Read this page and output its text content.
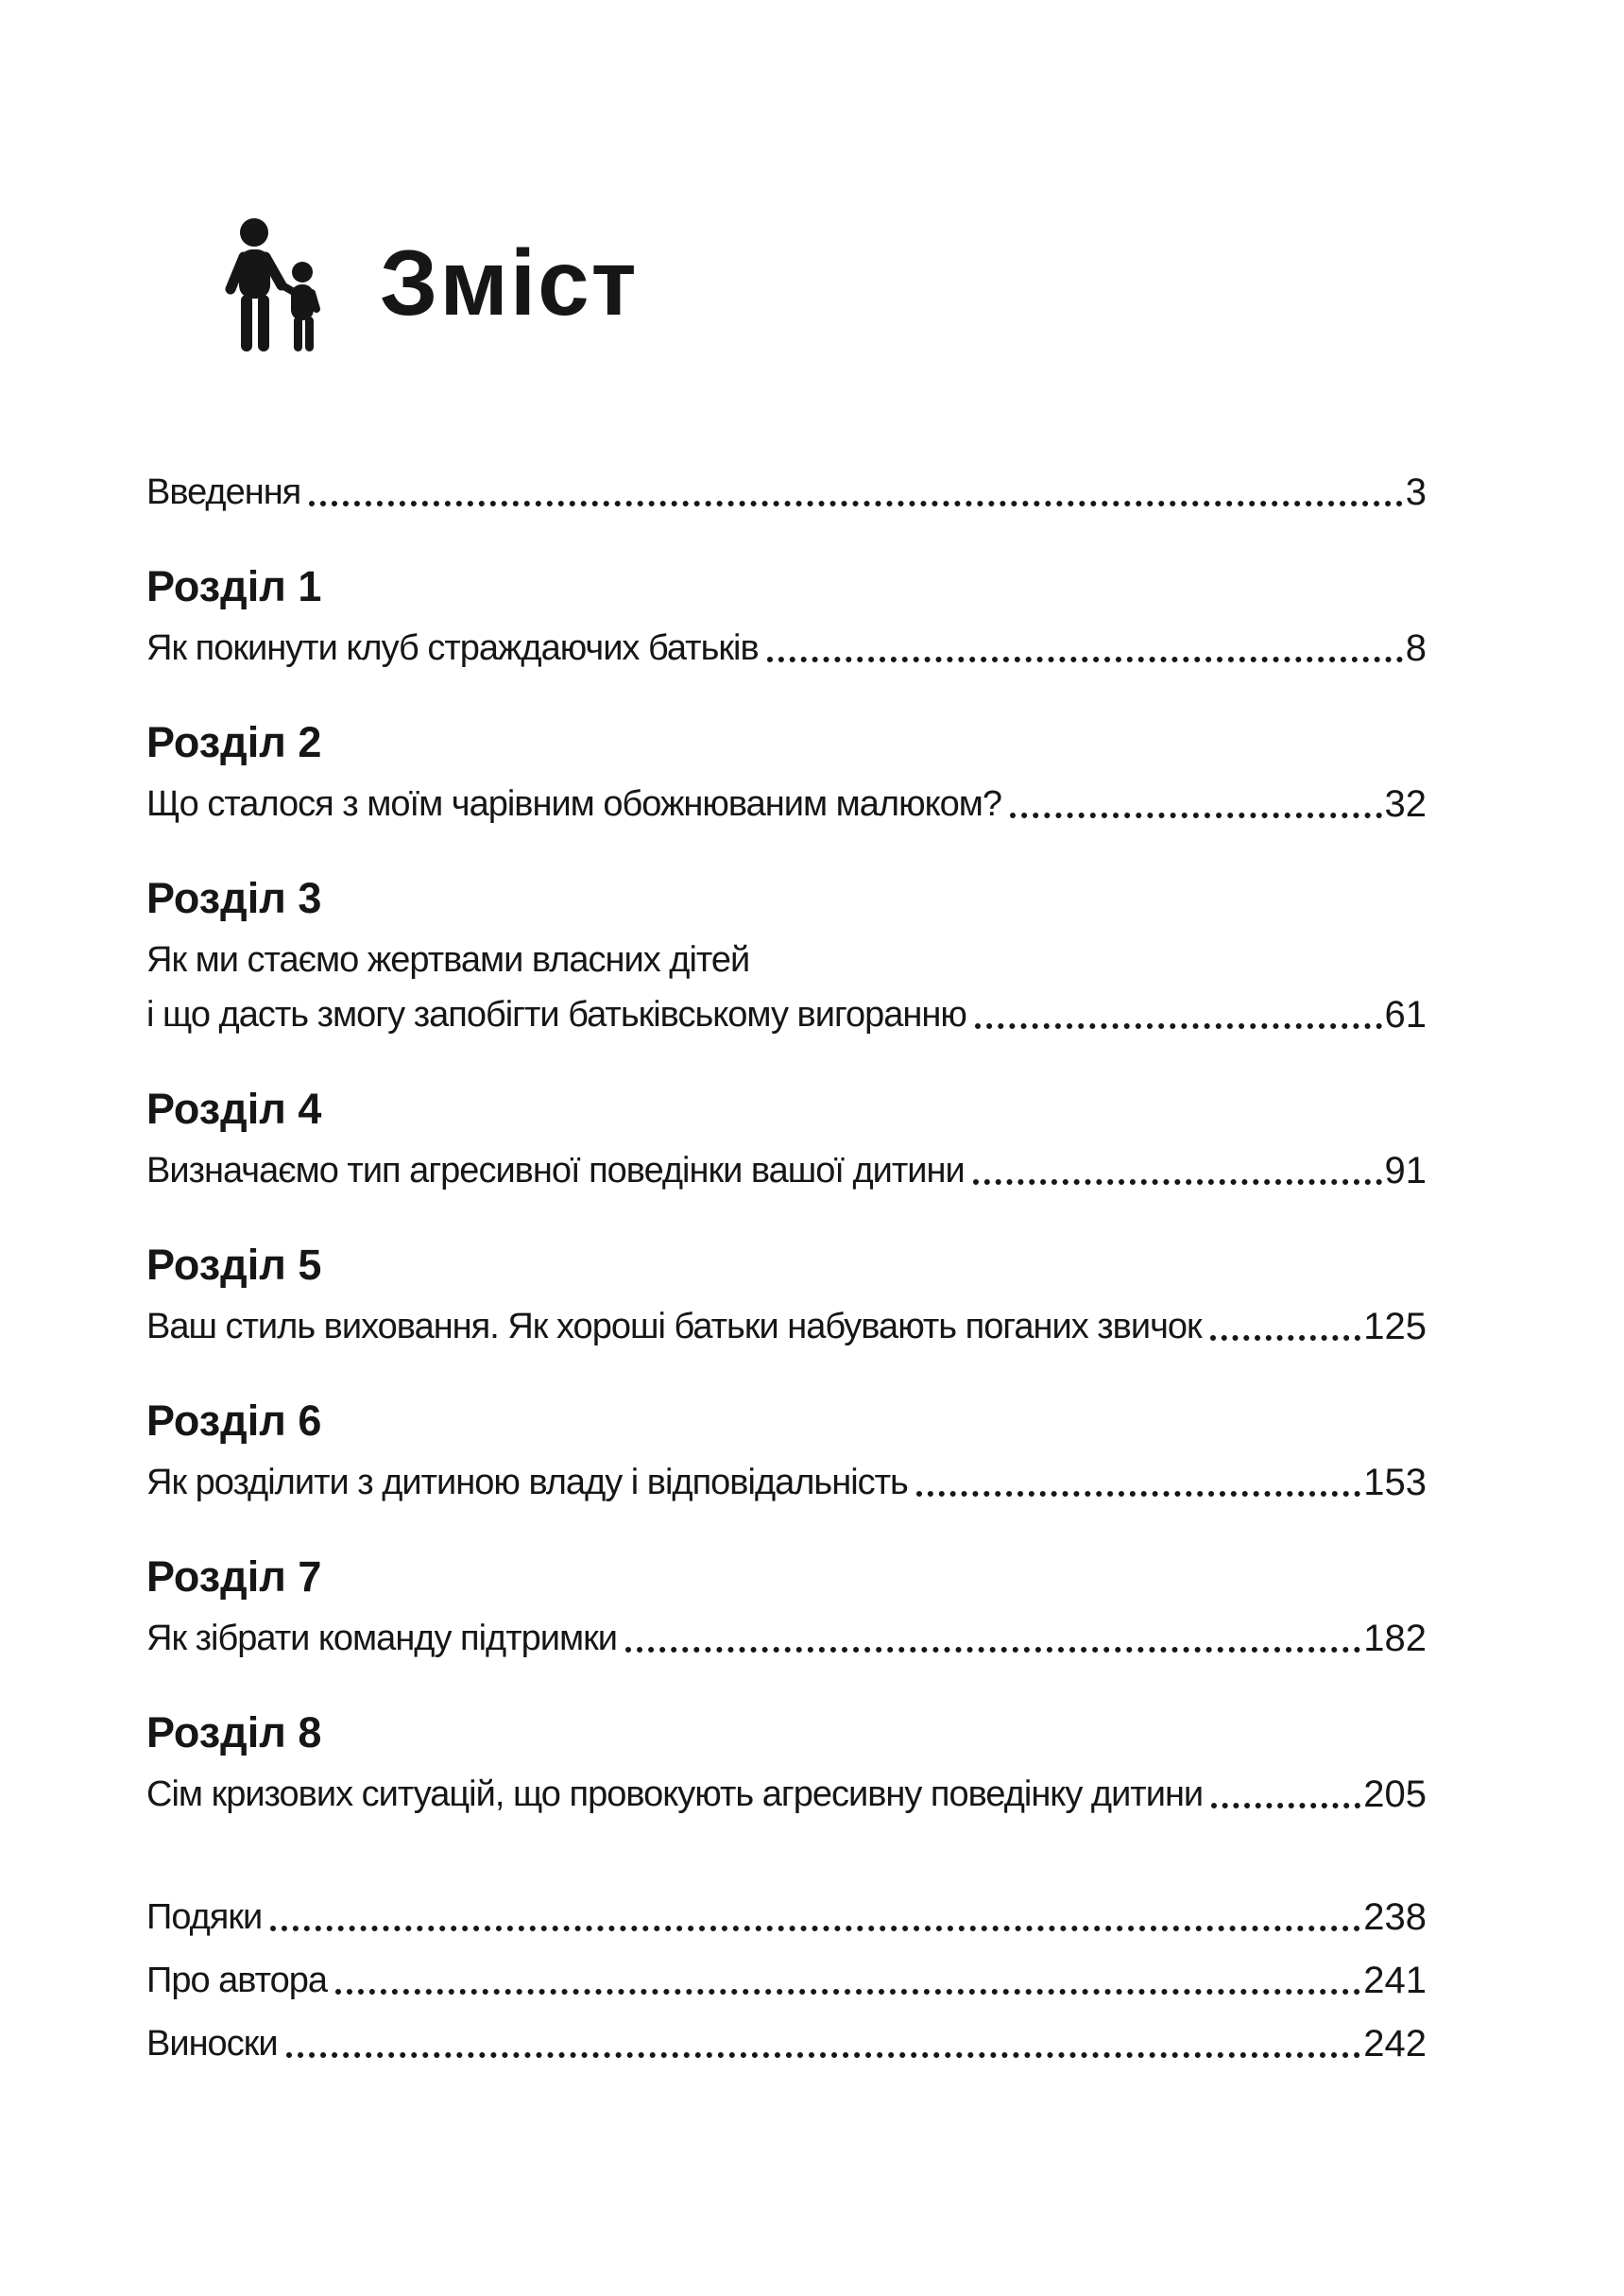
Зміст
Введення	3
Розділ 1
Як покинути клуб страждаючих батьків	8
Розділ 2
Що сталося з моїм чарівним обожнюваним малюком?	32
Розділ 3
Як ми стаємо жертвами власних дітей
і що дасть змогу запобігти батьківському вигоранню	61
Розділ 4
Визначаємо тип агресивної поведінки вашої дитини	91
Розділ 5
Ваш стиль виховання. Як хороші батьки набувають поганих звичок	125
Розділ 6
Як розділити з дитиною владу і відповідальність	153
Розділ 7
Як зібрати команду підтримки	182
Розділ 8
Сім кризових ситуацій, що провокують агресивну поведінку дитини	205
Подяки	238
Про автора	241
Виноски	242
